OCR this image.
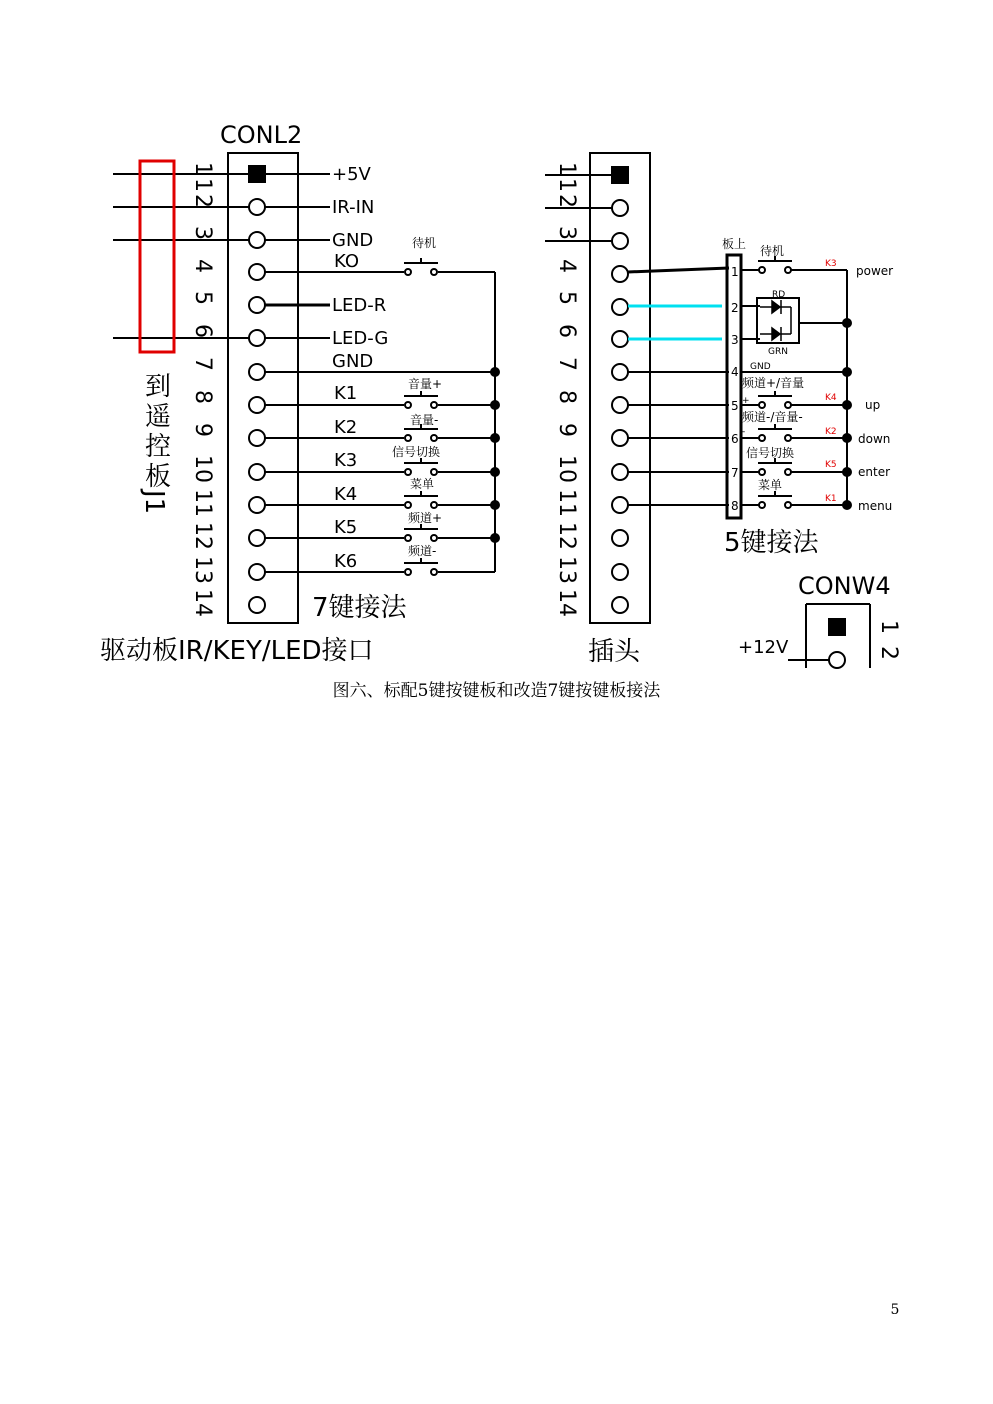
CONL2
1
1
2
3
4
5
6
7
8
9
10
11
12
13
14
到
遥
控
板
J1
+5V
IR-IN
GND
KO
LED-R
LED-G
GND
K1
K2
K3
K4
K5
K6
待机
音量+
音量-
信号切换
菜单
频道+
频道-
7键接法
驱动板IR/KEY/LED接口
1
1
2
3
4
5
6
7
8
9
10
11
12
13
14
板上
1
2
3
4
5
6
7
8
RD
GRN
待机
频道+/音量
频道-/音量-
信号切换
菜单
GND
+
-
K3
K4
K2
K5
K1
power
up
down
enter
menu
5键接法
插头
CONW4
+12V
1
2
图六、标配5键按键板和改造7键按键板接法
5
